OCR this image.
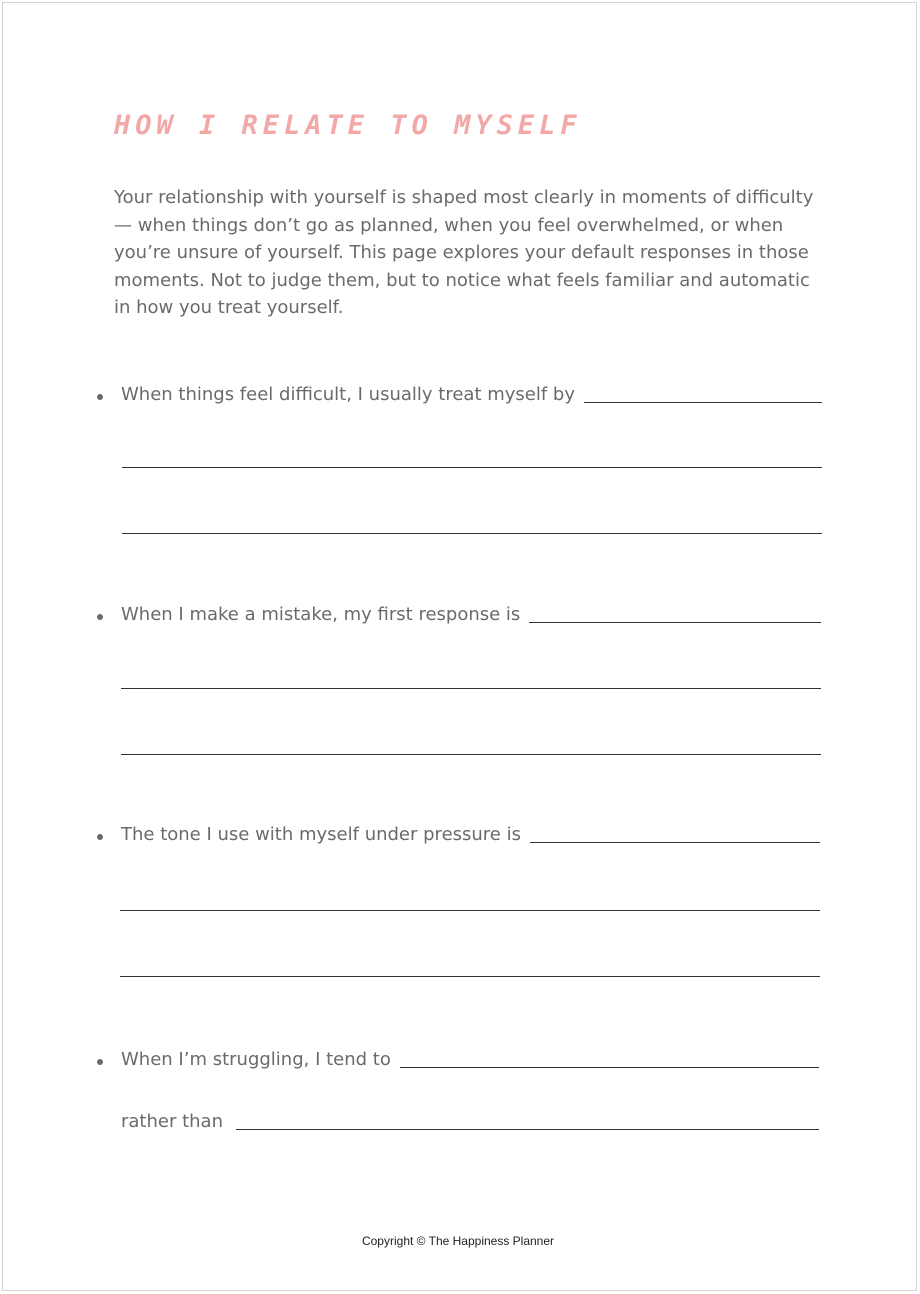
HOW I RELATE TO MYSELF

Your relationship with yourself is shaped most clearly in moments of difficulty — when things don’t go as planned, when you feel overwhelmed, or when you’re unsure of yourself. This page explores your default responses in those moments. Not to judge them, but to notice what feels familiar and automatic in how you treat yourself.

When things feel difficult, I usually treat myself by
When I make a mistake, my first response is
The tone I use with myself under pressure is
When I’m struggling, I tend to
rather than
Copyright © The Happiness Planner
